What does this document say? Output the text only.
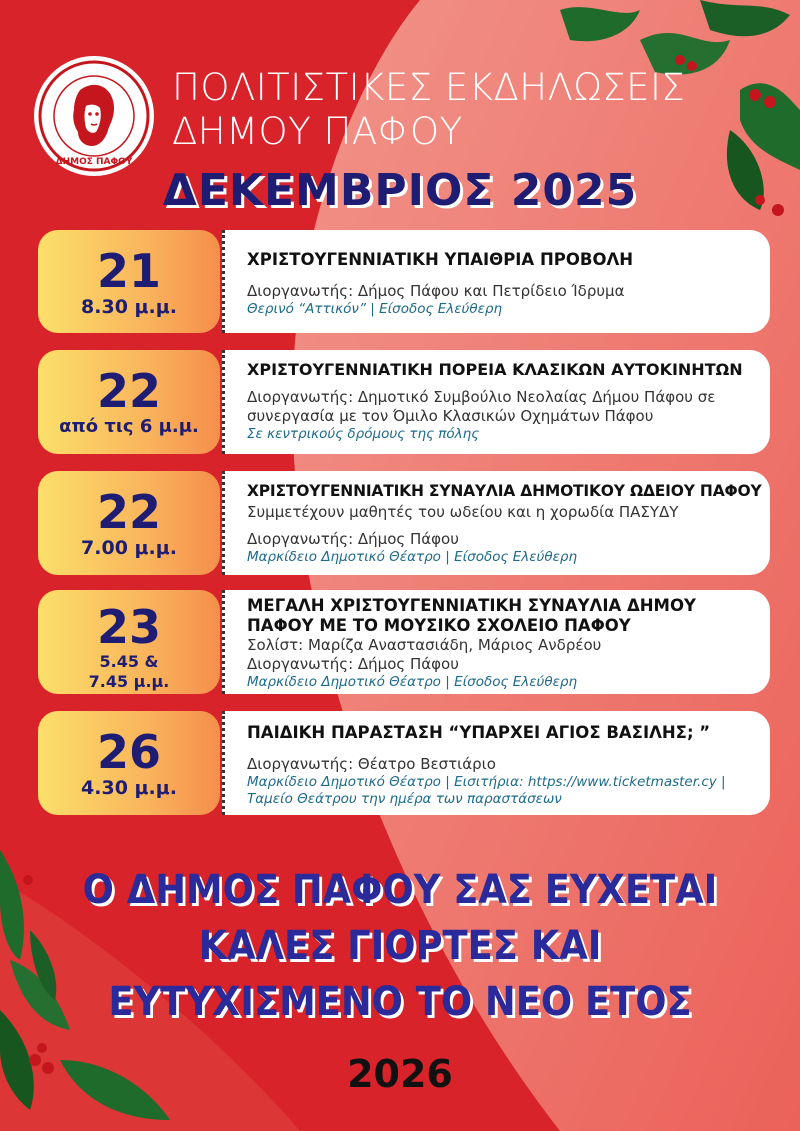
ΔΗΜΟΣ ΠΑΦΟΥ
ΠΟΛΙΤΙΣΤΙΚΕΣ ΕΚΔΗΛΩΣΕΙΣ
ΔΗΜΟΥ ΠΑΦΟΥ
ΔΕΚΕΜΒΡΙΟΣ 2025
21
8.30 μ.μ.
ΧΡΙΣΤΟΥΓΕΝΝΙΑΤΙΚΗ ΥΠΑΙΘΡΙΑ ΠΡΟΒΟΛΗ
Διοργανωτής: Δήμος Πάφου και Πετρίδειο Ίδρυμα
Θερινό “Αττικόν” | Είσοδος Ελεύθερη
22
από τις 6 μ.μ.
ΧΡΙΣΤΟΥΓΕΝΝΙΑΤΙΚΗ ΠΟΡΕΙΑ ΚΛΑΣΙΚΩΝ ΑΥΤΟΚΙΝΗΤΩΝ
Διοργανωτής: Δημοτικό Συμβούλιο Νεολαίας Δήμου Πάφου σε
συνεργασία με τον Όμιλο Κλασικών Οχημάτων Πάφου
Σε κεντρικούς δρόμους της πόλης
22
7.00 μ.μ.
ΧΡΙΣΤΟΥΓΕΝΝΙΑΤΙΚΗ ΣΥΝΑΥΛΙΑ ΔΗΜΟΤΙΚΟΥ ΩΔΕΙΟΥ ΠΑΦΟΥ
Συμμετέχουν μαθητές του ωδείου και η χορωδία ΠΑΣΥΔΥ
Διοργανωτής: Δήμος Πάφου
Μαρκίδειο Δημοτικό Θέατρο | Είσοδος Ελεύθερη
23
5.45 &
7.45 μ.μ.
ΜΕΓΑΛΗ ΧΡΙΣΤΟΥΓΕΝΝΙΑΤΙΚΗ ΣΥΝΑΥΛΙΑ ΔΗΜΟΥ
ΠΑΦΟΥ ΜΕ ΤΟ ΜΟΥΣΙΚΟ ΣΧΟΛΕΙΟ ΠΑΦΟΥ
Σολίστ: Μαρίζα Αναστασιάδη, Μάριος Ανδρέου
Διοργανωτής: Δήμος Πάφου
Μαρκίδειο Δημοτικό Θέατρο | Είσοδος Ελεύθερη
26
4.30 μ.μ.
ΠΑΙΔΙΚΗ ΠΑΡΑΣΤΑΣΗ “ΥΠΑΡΧΕΙ ΑΓΙΟΣ ΒΑΣΙΛΗΣ; ”
Διοργανωτής: Θέατρο Βεστιάριο
Μαρκίδειο Δημοτικό Θέατρο | Εισιτήρια: https://www.ticketmaster.cy |
Ταμείο Θεάτρου την ημέρα των παραστάσεων
Ο ΔΗΜΟΣ ΠΑΦΟΥ ΣΑΣ ΕΥΧΕΤΑΙ
ΚΑΛΕΣ ΓΙΟΡΤΕΣ ΚΑΙ
ΕΥΤΥΧΙΣΜΕΝΟ ΤΟ ΝΕΟ ΕΤΟΣ
2026
